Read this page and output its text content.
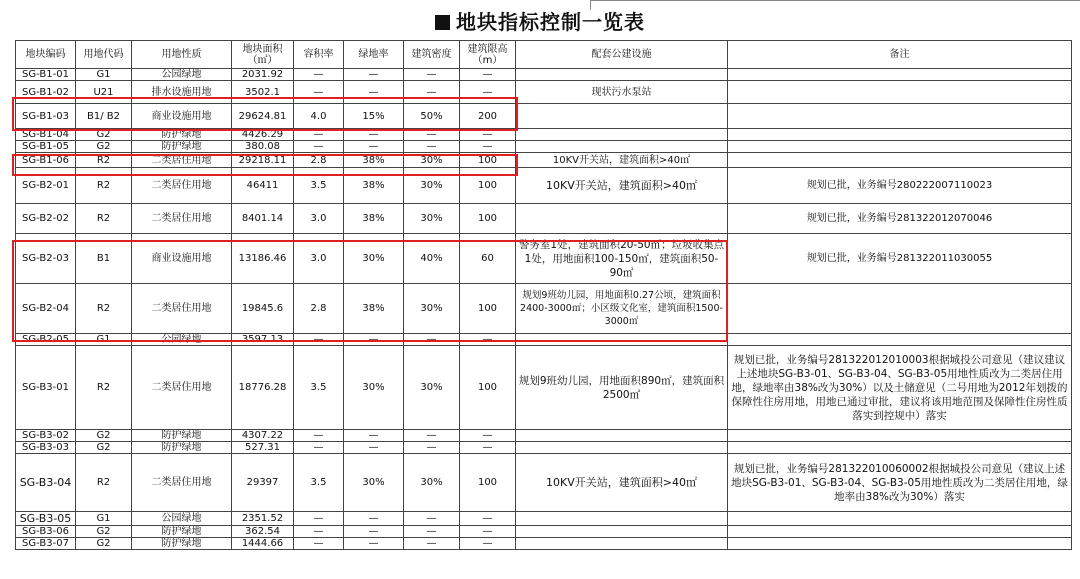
地块指标控制一览表
地块编码	用地代码	用地性质	地块面积（㎡）	容积率	绿地率	建筑密度	建筑限高（m）	配套公建设施	备注
SG-B1-01	G1	公园绿地	2031.92	—	—	—	—		
SG-B1-02	U21	排水设施用地	3502.1	—	—	—	—	现状污水泵站	
SG-B1-03	B1/ B2	商业设施用地	29624.81	4.0	15%	50%	200		
SG-B1-04	G2	防护绿地	4426.29	—	—	—	—		
SG-B1-05	G2	防护绿地	380.08	—	—	—	—		
SG-B1-06	R2	二类居住用地	29218.11	2.8	38%	30%	100	10KV开关站，建筑面积>40㎡	
SG-B2-01	R2	二类居住用地	46411	3.5	38%	30%	100	10KV开关站，建筑面积>40㎡	规划已批，业务编号280222007110023
SG-B2-02	R2	二类居住用地	8401.14	3.0	38%	30%	100		规划已批，业务编号281322012070046
SG-B2-03	B1	商业设施用地	13186.46	3.0	30%	40%	60	警务室1处，建筑面积20-50㎡；垃圾收集点1处，用地面积100-150㎡，建筑面积50-90㎡	规划已批，业务编号281322011030055
SG-B2-04	R2	二类居住用地	19845.6	2.8	38%	30%	100	规划9班幼儿园，用地面积0.27公顷，建筑面积2400-3000㎡；小区级文化室，建筑面积1500-3000㎡	
SG-B2-05	G1	公园绿地	3597.13	—	—	—	—		
SG-B3-01	R2	二类居住用地	18776.28	3.5	30%	30%	100	规划9班幼儿园，用地面积890㎡，建筑面积2500㎡	规划已批，业务编号281322012010003根据城投公司意见（建议建议上述地块SG-B3-01、SG-B3-04、SG-B3-05用地性质改为二类居住用地，绿地率由38%改为30%）以及土储意见（二号用地为2012年划拨的保障性住房用地，用地已通过审批，建议将该用地范围及保障性住房性质落实到控规中）落实
SG-B3-02	G2	防护绿地	4307.22	—	—	—	—		
SG-B3-03	G2	防护绿地	527.31	—	—	—	—		
SG-B3-04	R2	二类居住用地	29397	3.5	30%	30%	100	10KV开关站，建筑面积>40㎡	规划已批，业务编号281322010060002根据城投公司意见（建议上述地块SG-B3-01、SG-B3-04、SG-B3-05用地性质改为二类居住用地，绿地率由38%改为30%）落实
SG-B3-05	G1	公园绿地	2351.52	—	—	—	—		
SG-B3-06	G2	防护绿地	362.54	—	—	—	—		
SG-B3-07	G2	防护绿地	1444.66	—	—	—	—		
